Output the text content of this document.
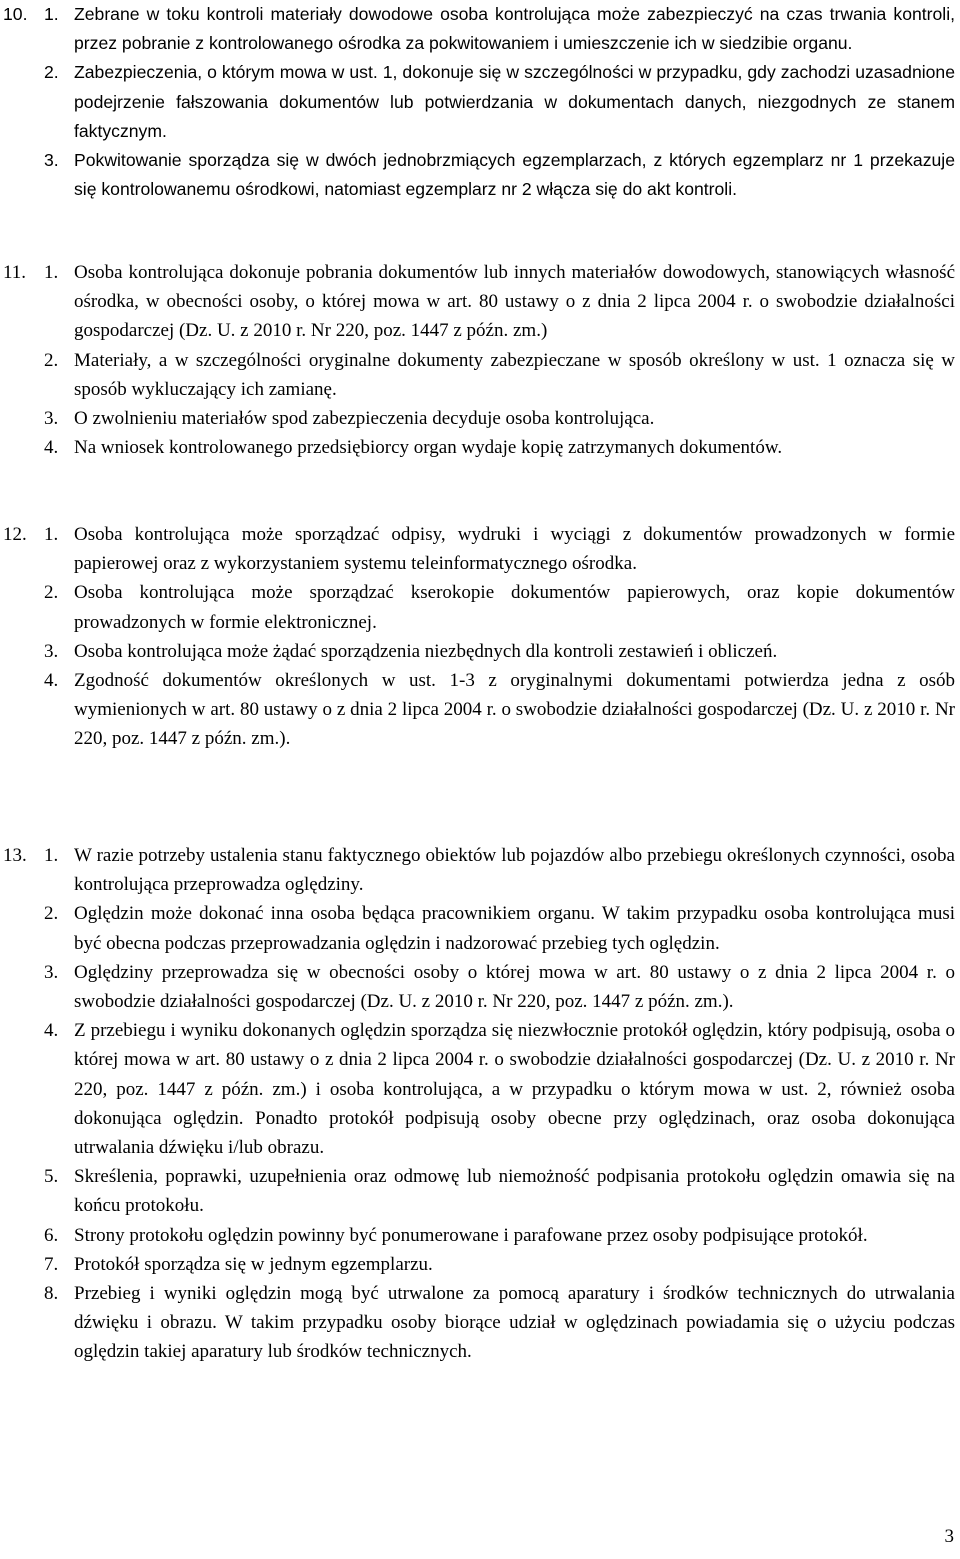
10. 1. Zebrane w toku kontroli materiały dowodowe osoba kontrolująca może zabezpieczyć na czas trwania kontroli, przez pobranie z kontrolowanego ośrodka za pokwitowaniem i umieszczenie ich w siedzibie organu.
2. Zabezpieczenia, o którym mowa w ust. 1, dokonuje się w szczególności w przypadku, gdy zachodzi uzasadnione podejrzenie fałszowania dokumentów lub potwierdzania w dokumentach danych, niezgodnych ze stanem faktycznym.
3. Pokwitowanie sporządza się w dwóch jednobrzmiących egzemplarzach, z których egzemplarz nr 1 przekazuje się kontrolowanemu ośrodkowi, natomiast egzemplarz nr 2 włącza się do akt kontroli.
11. 1. Osoba kontrolująca dokonuje pobrania dokumentów lub innych materiałów dowodowych, stanowiących własność ośrodka, w obecności osoby, o której mowa w art. 80 ustawy o z dnia 2 lipca 2004 r. o swobodzie działalności gospodarczej (Dz. U. z 2010 r. Nr 220, poz. 1447 z późn. zm.)
2. Materiały, a w szczególności oryginalne dokumenty zabezpieczane w sposób określony w ust. 1 oznacza się w sposób wykluczający ich zamianę.
3. O zwolnieniu materiałów spod zabezpieczenia decyduje osoba kontrolująca.
4. Na wniosek kontrolowanego przedsiębiorcy organ wydaje kopię zatrzymanych dokumentów.
12. 1. Osoba kontrolująca może sporządzać odpisy, wydruki i wyciągi z dokumentów prowadzonych w formie papierowej oraz z wykorzystaniem systemu teleinformatycznego ośrodka.
2. Osoba kontrolująca może sporządzać kserokopie dokumentów papierowych, oraz kopie dokumentów prowadzonych w formie elektronicznej.
3. Osoba kontrolująca może żądać sporządzenia niezbędnych dla kontroli zestawień i obliczeń.
4. Zgodność dokumentów określonych w ust. 1-3 z oryginalnymi dokumentami potwierdza jedna z osób wymienionych w art. 80 ustawy o z dnia 2 lipca 2004 r. o swobodzie działalności gospodarczej (Dz. U. z 2010 r. Nr 220, poz. 1447 z późn. zm.).
13. 1. W razie potrzeby ustalenia stanu faktycznego obiektów lub pojazdów albo przebiegu określonych czynności, osoba kontrolująca przeprowadza oględziny.
2. Oględzin może dokonać inna osoba będąca pracownikiem organu. W takim przypadku osoba kontrolująca musi być obecna podczas przeprowadzania oględzin i nadzorować przebieg tych oględzin.
3. Oględziny przeprowadza się w obecności osoby o której mowa w art. 80 ustawy o z dnia 2 lipca 2004 r. o swobodzie działalności gospodarczej (Dz. U. z 2010 r. Nr 220, poz. 1447 z późn. zm.).
4. Z przebiegu i wyniku dokonanych oględzin sporządza się niezwłocznie protokół oględzin, który podpisują, osoba o której mowa w art. 80 ustawy o z dnia 2 lipca 2004 r. o swobodzie działalności gospodarczej (Dz. U. z 2010 r. Nr 220, poz. 1447 z późn. zm.) i osoba kontrolująca, a w przypadku o którym mowa w ust. 2, również osoba dokonująca oględzin. Ponadto protokół podpisują osoby obecne przy oględzinach, oraz osoba dokonująca utrwalania dźwięku i/lub obrazu.
5. Skreślenia, poprawki, uzupełnienia oraz odmowę lub niemożność podpisania protokołu oględzin omawia się na końcu protokołu.
6. Strony protokołu oględzin powinny być ponumerowane i parafowane przez osoby podpisujące protokół.
7. Protokół sporządza się w jednym egzemplarzu.
8. Przebieg i wyniki oględzin mogą być utrwalone za pomocą aparatury i środków technicznych do utrwalania dźwięku i obrazu. W takim przypadku osoby biorące udział w oględzinach powiadamia się o użyciu podczas oględzin takiej aparatury lub środków technicznych.
3
